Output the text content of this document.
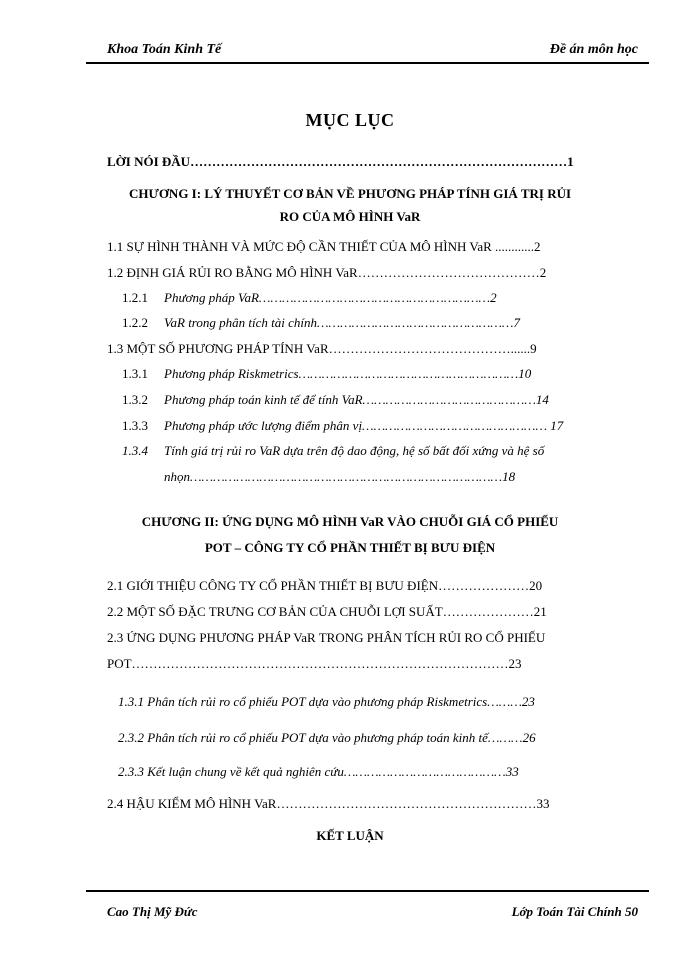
Khoa Toán Kinh Tế	Đề án môn học
MỤC LỤC
LỜI NÓI ĐẦU……………………………………………………………………………1
CHƯƠNG I: LÝ THUYẾT CƠ BẢN VỀ PHƯƠNG PHÁP TÍNH GIÁ TRỊ RỦI
RO CỦA MÔ HÌNH VaR
1.1 SỰ HÌNH THÀNH VÀ MỨC ĐỘ CẦN THIẾT CỦA MÔ HÌNH VaR ............2
1.2 ĐỊNH GIÁ RỦI RO BẰNG MÔ HÌNH VaR……………………………………2
1.2.1 Phương pháp VaR……………………………………………………2
1.2.2 VaR trong phân tích tài chính……………………………………………7
1.3 MỘT SỐ PHƯƠNG PHÁP TÍNH VaR……………………………………......9
1.3.1 Phương pháp Riskmetrics…………………………………………………10
1.3.2 Phương pháp toán kinh tế để tính VaR………………………………………14
1.3.3 Phương pháp ước lượng điểm phân vị………………………………………… 17
1.3.4 Tính giá trị rủi ro VaR dựa trên độ dao động, hệ số bất đối xứng và hệ số
nhọn………………………………………………………………………18
CHƯƠNG II: ỨNG DỤNG MÔ HÌNH VaR VÀO CHUỖI GIÁ CỔ PHIẾU
POT – CÔNG TY CỔ PHẦN THIẾT BỊ BƯU ĐIỆN
2.1 GIỚI THIỆU CÔNG TY CỔ PHẦN THIẾT BỊ BƯU ĐIỆN…………………20
2.2 MỘT SỐ ĐẶC TRƯNG CƠ BẢN CỦA CHUỖI LỢI SUẤT…………………21
2.3 ỨNG DỤNG PHƯƠNG PHÁP VaR TRONG PHÂN TÍCH RỦI RO CỔ PHIẾU
POT……………………………………………………………………………23
1.3.1 Phân tích rủi ro cổ phiếu POT dựa vào phương pháp Riskmetrics………23
2.3.2 Phân tích rủi ro cổ phiếu POT dựa vào phương pháp toán kinh tế………26
2.3.3 Kết luận chung về kết quả nghiên cứu……………………………………33
2.4 HẬU KIỂM MÔ HÌNH VaR……………………………………………………33
KẾT LUẬN
Cao Thị Mỹ Đức	Lớp Toán Tài Chính 50
